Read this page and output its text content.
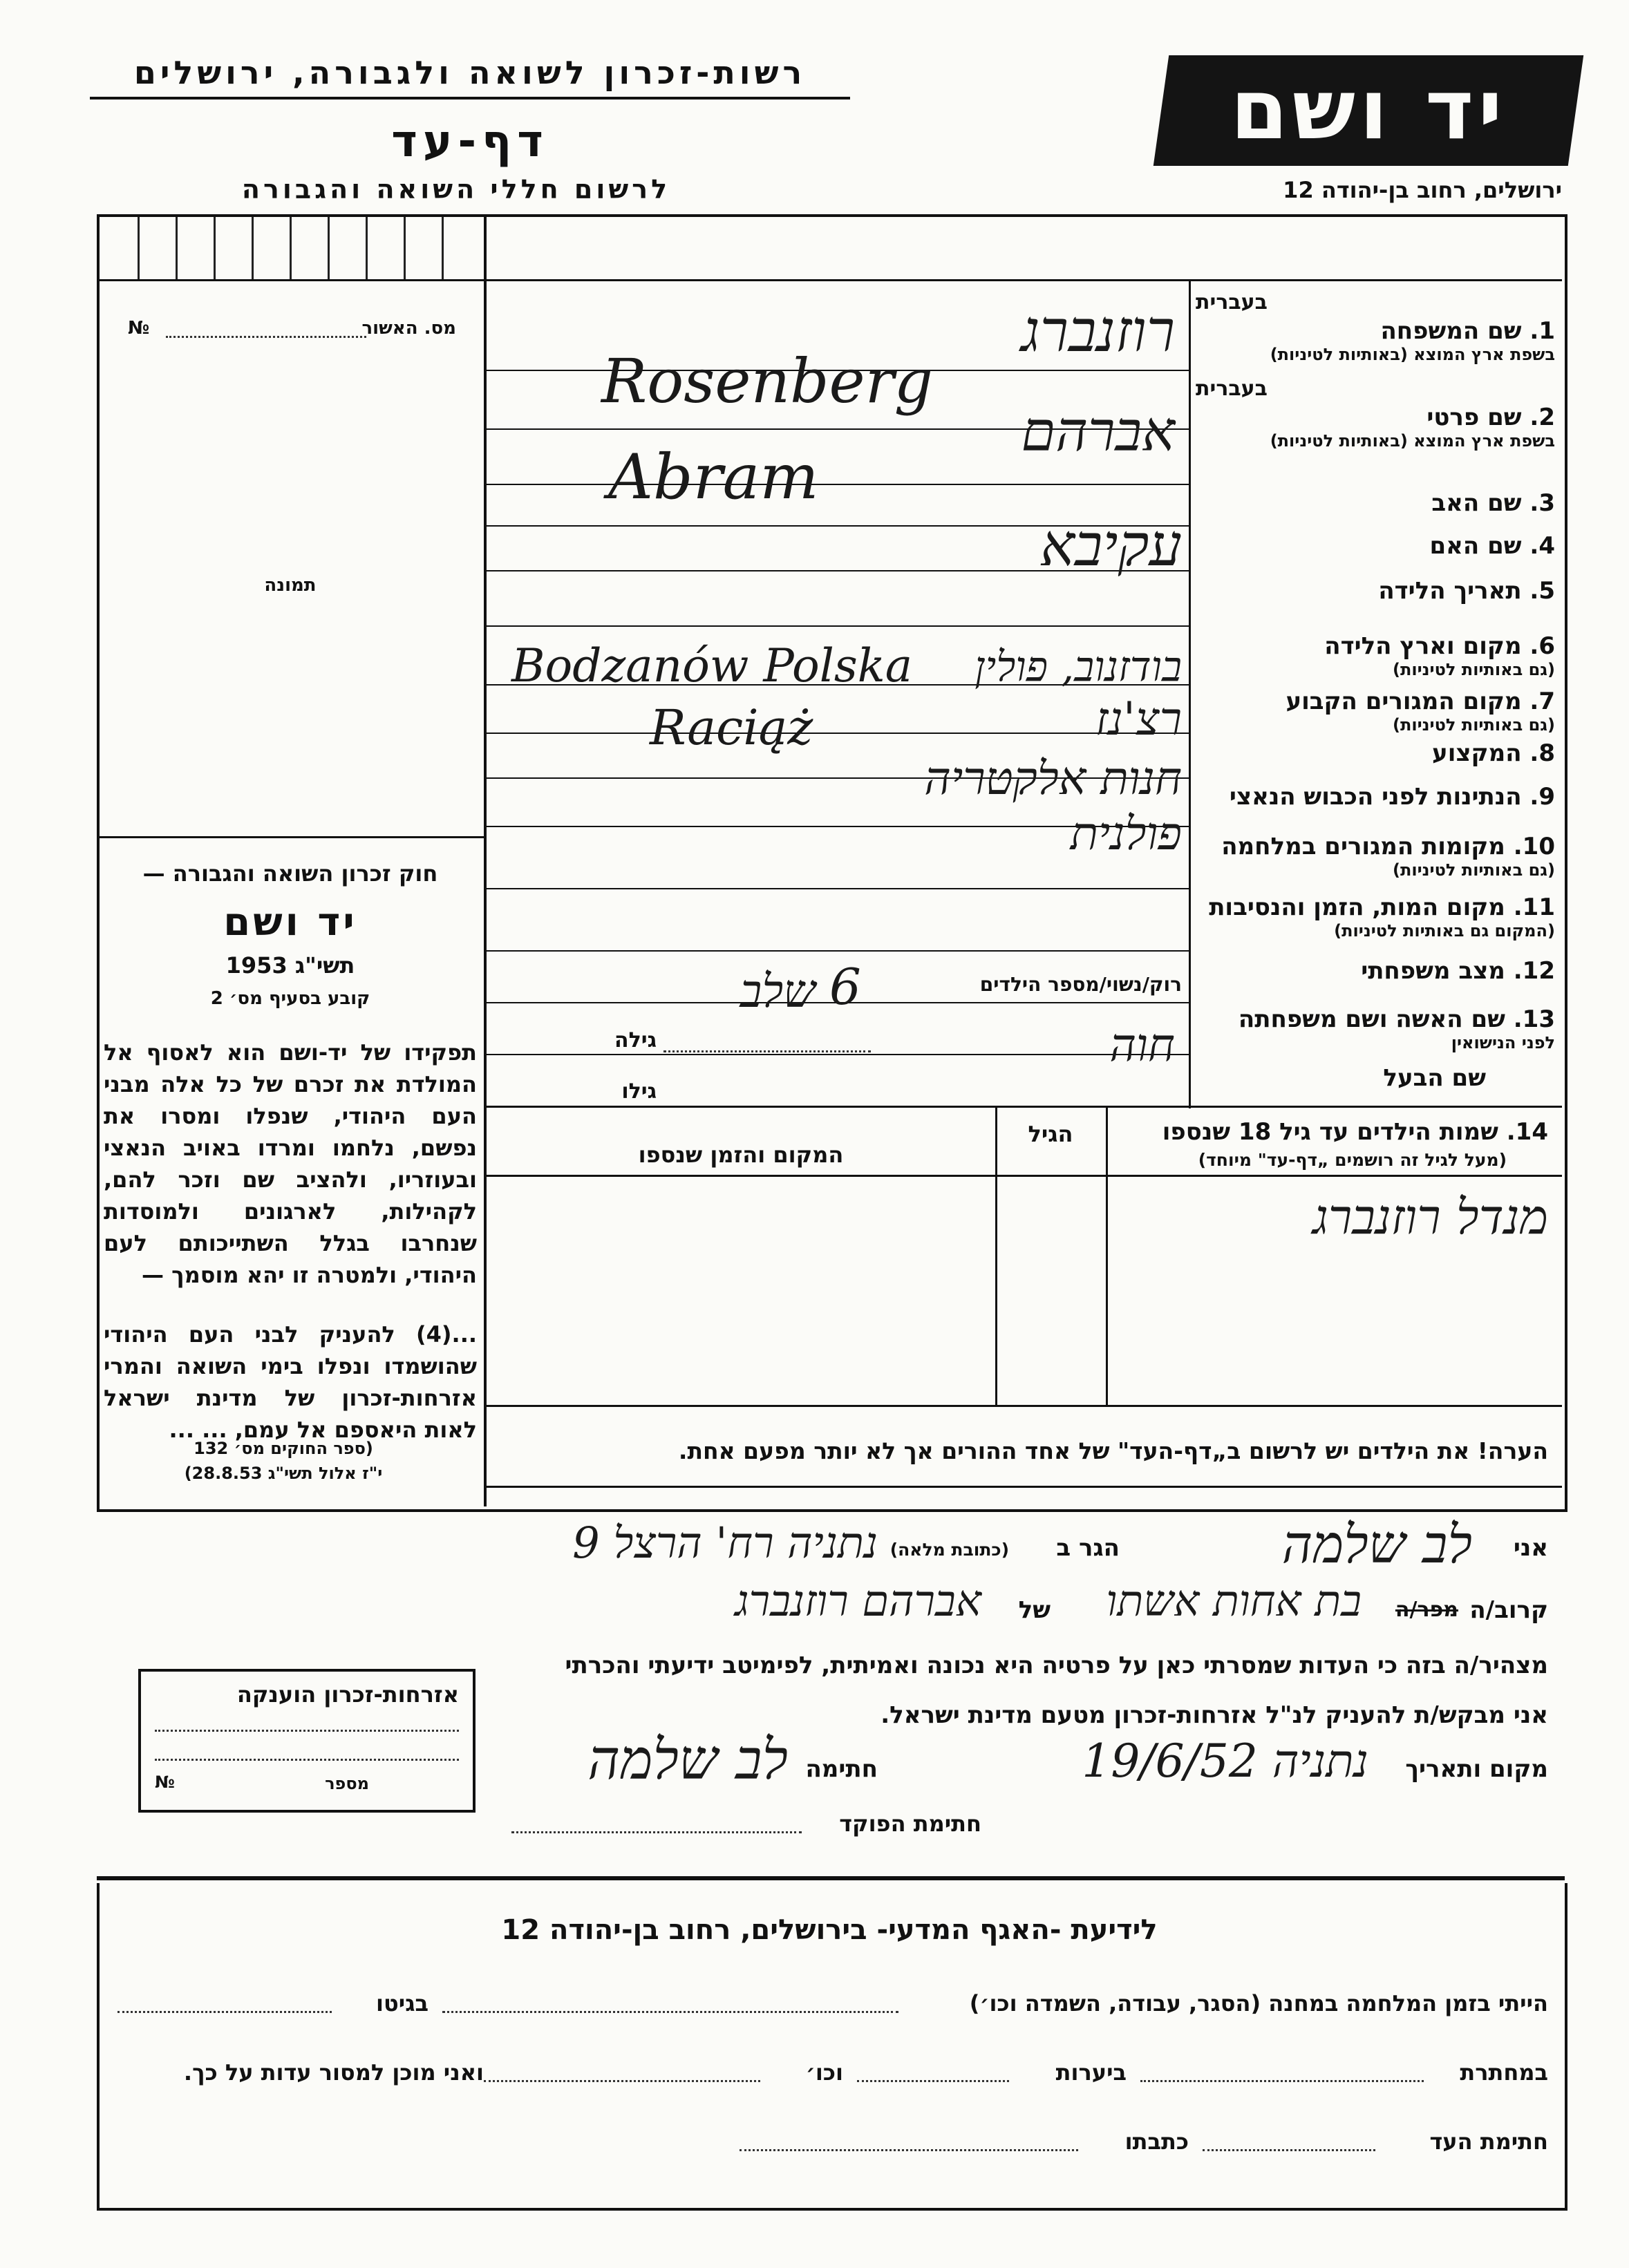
רשות-זכרון לשואה ולגבורה, ירושלים	יד ושם
דף-עד
לרשום חללי השואה והגבורה	ירושלים, רחוב בן-יהודה 12
מס. האשור
№
תמונה
חוק זכרון השואה והגבורה —
יד ושם
תשי"ג 1953
קובע בסעיף מס׳ 2
תפקידו של יד-ושם הוא לאסוף אל המולדת את זכרם של כל אלה מבני העם היהודי, שנפלו ומסרו את נפשם, נלחמו ומרדו באויב הנאצי ובעוזריו, ולהציב שם וזכר להם, לקהילות, לארגונים ולמוסדות שנחרבו בגלל השתייכותם לעם היהודי, ולמטרה זו יהא מוסמך —
...(4) להעניק לבני העם היהודי שהושמדו ונפלו בימי השואה והמרי אזרחות-זכרון של מדינת ישראל לאות היאספם אל עמם, ... ...
(ספר החוקים מס׳ 132
י"ז אלול תשי"ג 28.8.53)
בעברית
1. שם המשפחה
בשפת ארץ המוצא (באותיות לטיניות)
בעברית
2. שם פרטי
בשפת ארץ המוצא (באותיות לטיניות)
3. שם האב
4. שם האם
5. תאריך הלידה
6. מקום וארץ הלידה
(גם באותיות לטיניות)
7. מקום המגורים הקבוע
(גם באותיות לטיניות)
8. המקצוע
9. הנתינות לפני הכבוש הנאצי
10. מקומות המגורים במלחמה
(גם באותיות לטיניות)
11. מקום המות, הזמן והנסיבות
(המקום גם באותיות לטיניות)
12. מצב משפחתי
13. שם האשה ושם משפחתה
לפני הנישואין
שם הבעל
רוזנברג
Rosenberg
אברהם
Abram
עקיבא
בודזנוב, פולין
Bodzanów Polska
רצ'נז
Raciąż
חנות אלקטריה
פולנית
רוק/נשוי/מספר הילדים
6
שלב
חוה
גילה
גילו
14. שמות הילדים עד גיל 18 שנספו
(מעל לגיל זה רושמים „דף-עד" מיוחד)
הגיל
המקום והזמן שנספו
מנדל רוזנברג
הערה! את הילדים יש לרשום ב„דף-העד" של אחד ההורים אך לא יותר מפעם אחת.
אני
לב שלמה
הגר ב
(כתובת מלאה)
נתניה רח' הרצל 9
קרוב/ה
מפר/ה
בת אחות אשתו
של
אברהם רוזנברג
מצהיר/ה בזה כי העדות שמסרתי כאן על פרטיה היא נכונה ואמיתית, לפימיטב ידיעתי והכרתי
אני מבקש/ת להעניק לנ"ל אזרחות-זכרון מטעם מדינת ישראל.
מקום ותאריך
נתניה 19/6/52
חתימה
לב שלמה
חתימת הפוקד
אזרחות-זכרון הוענקה
מספר
№
לידיעת -האגף המדעי- בירושלים, רחוב בן-יהודה 12
הייתי בזמן המלחמה במחנה (הסגר, עבודה, השמדה וכו׳)
בגיטו
במחתרת
ביערות
וכו׳
ואני מוכן למסור עדות על כך.
חתימת העד
כתבתו
